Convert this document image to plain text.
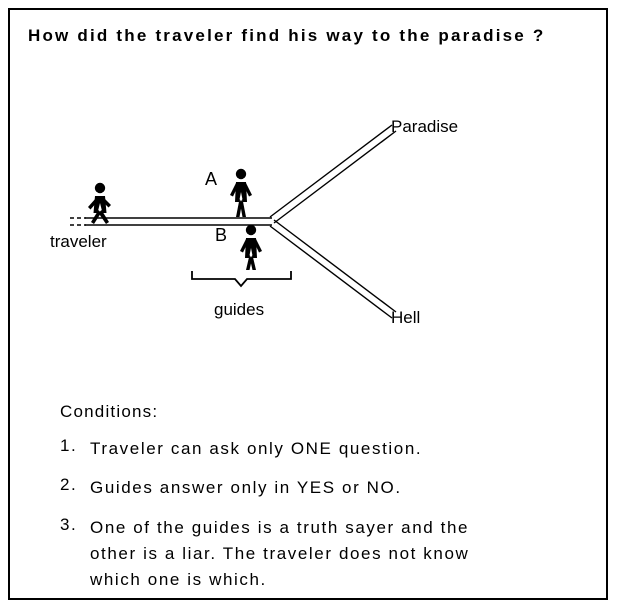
How did the traveler find his way to the paradise ?
Paradise
Hell
traveler
guides
A
B
Conditions:
1. Traveler can ask only ONE question.
2. Guides answer only in YES or NO.
3. One of the guides is a truth sayer and the
other is a liar. The traveler does not know
which one is which.
